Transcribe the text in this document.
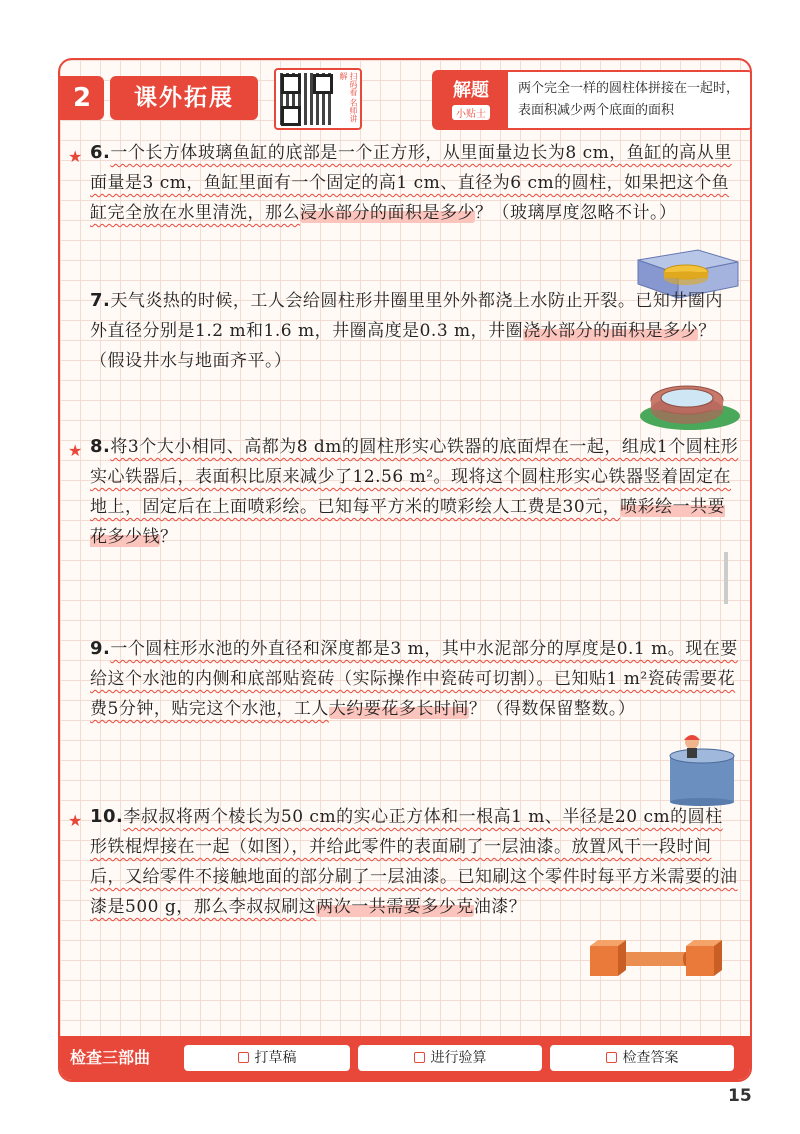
2	课外拓展	扫码看 名师讲解
解题
小贴士
两个完全一样的圆柱体拼接在一起时，表面积减少两个底面的面积
★ 6.一个长方体玻璃鱼缸的底部是一个正方形，从里面量边长为8 cm，鱼缸的高从里面量是3 cm，鱼缸里面有一个固定的高1 cm、直径为6 cm的圆柱，如果把这个鱼缸完全放在水里清洗，那么浸水部分的面积是多少？（玻璃厚度忽略不计。）
7.天气炎热的时候，工人会给圆柱形井圈里里外外都浇上水防止开裂。已知井圈内外直径分别是1.2 m和1.6 m，井圈高度是0.3 m，井圈浇水部分的面积是多少？（假设井水与地面齐平。）
★ 8.将3个大小相同、高都为8 dm的圆柱形实心铁器的底面焊在一起，组成1个圆柱形实心铁器后，表面积比原来减少了12.56 m²。现将这个圆柱形实心铁器竖着固定在地上，固定后在上面喷彩绘。已知每平方米的喷彩绘人工费是30元，喷彩绘一共要花多少钱？
9.一个圆柱形水池的外直径和深度都是3 m，其中水泥部分的厚度是0.1 m。现在要给这个水池的内侧和底部贴瓷砖（实际操作中瓷砖可切割）。已知贴1 m²瓷砖需要花费5分钟，贴完这个水池，工人大约要花多长时间？（得数保留整数。）
★ 10.李叔叔将两个棱长为50 cm的实心正方体和一根高1 m、半径是20 cm的圆柱形铁棍焊接在一起（如图），并给此零件的表面刷了一层油漆。放置风干一段时间后，又给零件不接触地面的部分刷了一层油漆。已知刷这个零件时每平方米需要的油漆是500 g，那么李叔叔刷这两次一共需要多少克油漆？
检查三部曲	打草稿	进行验算	检查答案
15
